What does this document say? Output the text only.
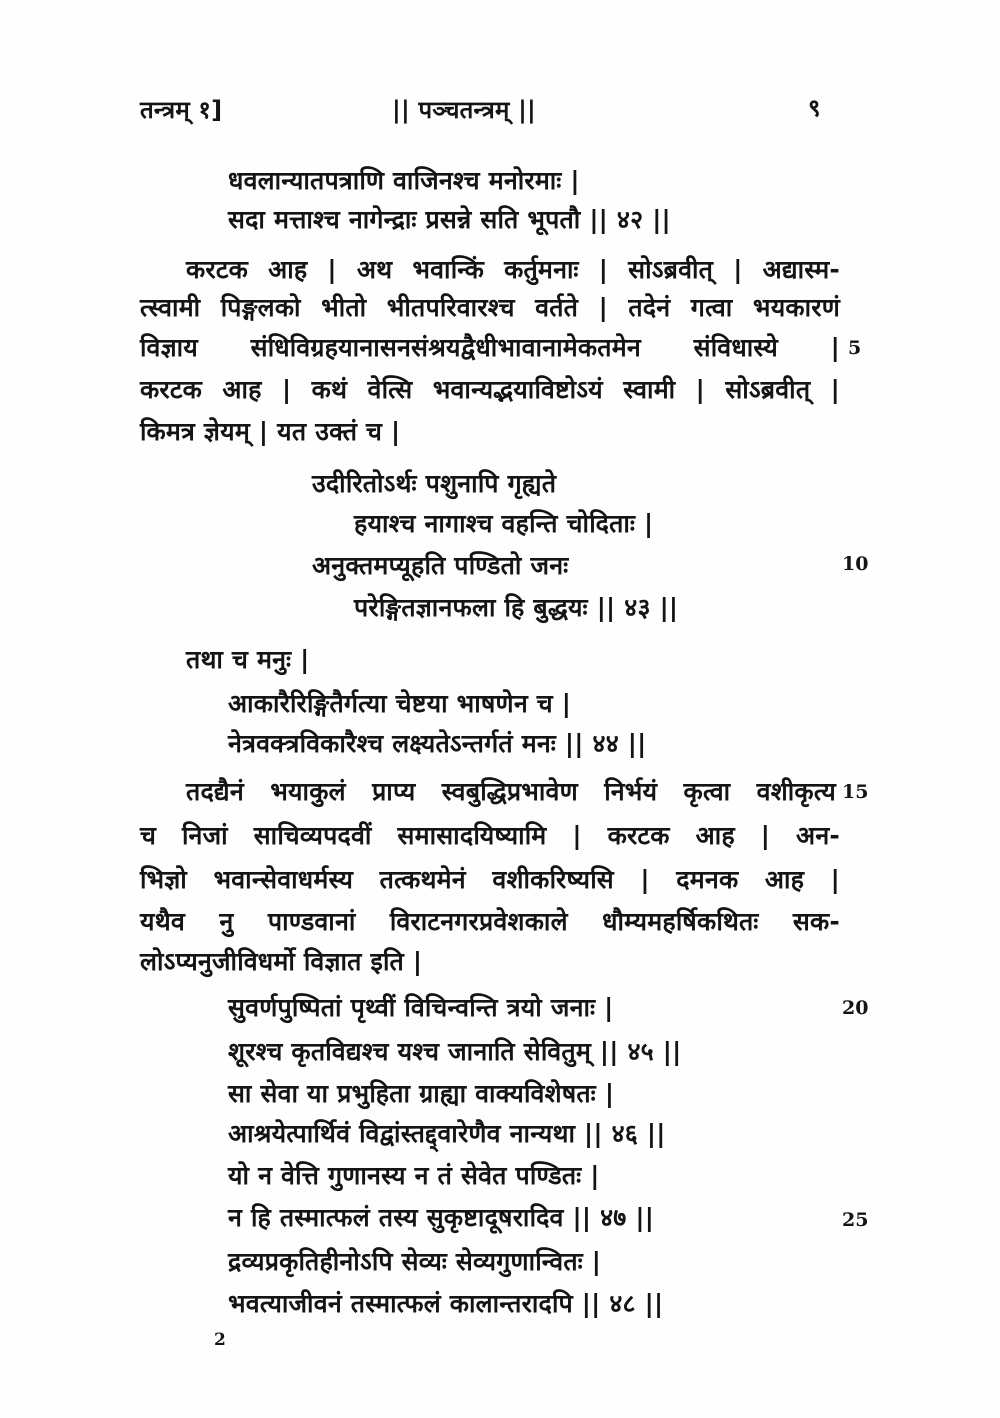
तन्त्रम् १]	|| पञ्चतन्त्रम् ||	९
धवलान्यातपत्राणि वाजिनश्च मनोरमाः |
सदा मत्ताश्च नागेन्द्राः प्रसन्ने सति भूपतौ || ४२ ||
करटक आह | अथ भवान्किं कर्तुमनाः | सोऽब्रवीत् | अद्यास्म-
त्स्वामी पिङ्गलको भीतो भीतपरिवारश्च वर्तते | तदेनं गत्वा भयकारणं
विज्ञाय संधिविग्रहयानासनसंश्रयद्वैधीभावानामेकतमेन संविधास्ये |
करटक आह | कथं वेत्सि भवान्यद्भयाविष्टोऽयं स्वामी | सोऽब्रवीत् |
किमत्र ज्ञेयम् | यत उक्तं च |
उदीरितोऽर्थः पशुनापि गृह्यते
हयाश्च नागाश्च वहन्ति चोदिताः |
अनुक्तमप्यूहति पण्डितो जनः
परेङ्गितज्ञानफला हि बुद्धयः || ४३ ||
तथा च मनुः |
आकारैरिङ्गितैर्गत्या चेष्टया भाषणेन च |
नेत्रवक्त्रविकारैश्च लक्ष्यतेऽन्तर्गतं मनः || ४४ ||
तदद्यैनं भयाकुलं प्राप्य स्वबुद्धिप्रभावेण निर्भयं कृत्वा वशीकृत्य
च निजां साचिव्यपदवीं समासादयिष्यामि | करटक आह | अन-
भिज्ञो भवान्सेवाधर्मस्य तत्कथमेनं वशीकरिष्यसि | दमनक आह |
यथैव नु पाण्डवानां विराटनगरप्रवेशकाले धौम्यमहर्षिकथितः सक-
लोऽप्यनुजीविधर्मो विज्ञात इति |
सुवर्णपुष्पितां पृथ्वीं विचिन्वन्ति त्रयो जनाः |
शूरश्च कृतविद्यश्च यश्च जानाति सेवितुम् || ४५ ||
सा सेवा या प्रभुहिता ग्राह्या वाक्यविशेषतः |
आश्रयेत्पार्थिवं विद्वांस्तद्द्वारेणैव नान्यथा || ४६ ||
यो न वेत्ति गुणानस्य न तं सेवेत पण्डितः |
न हि तस्मात्फलं तस्य सुकृष्टादूषरादिव || ४७ ||
द्रव्यप्रकृतिहीनोऽपि सेव्यः सेव्यगुणान्वितः |
भवत्याजीवनं तस्मात्फलं कालान्तरादपि || ४८ ||
5
10
15
20
25
2
